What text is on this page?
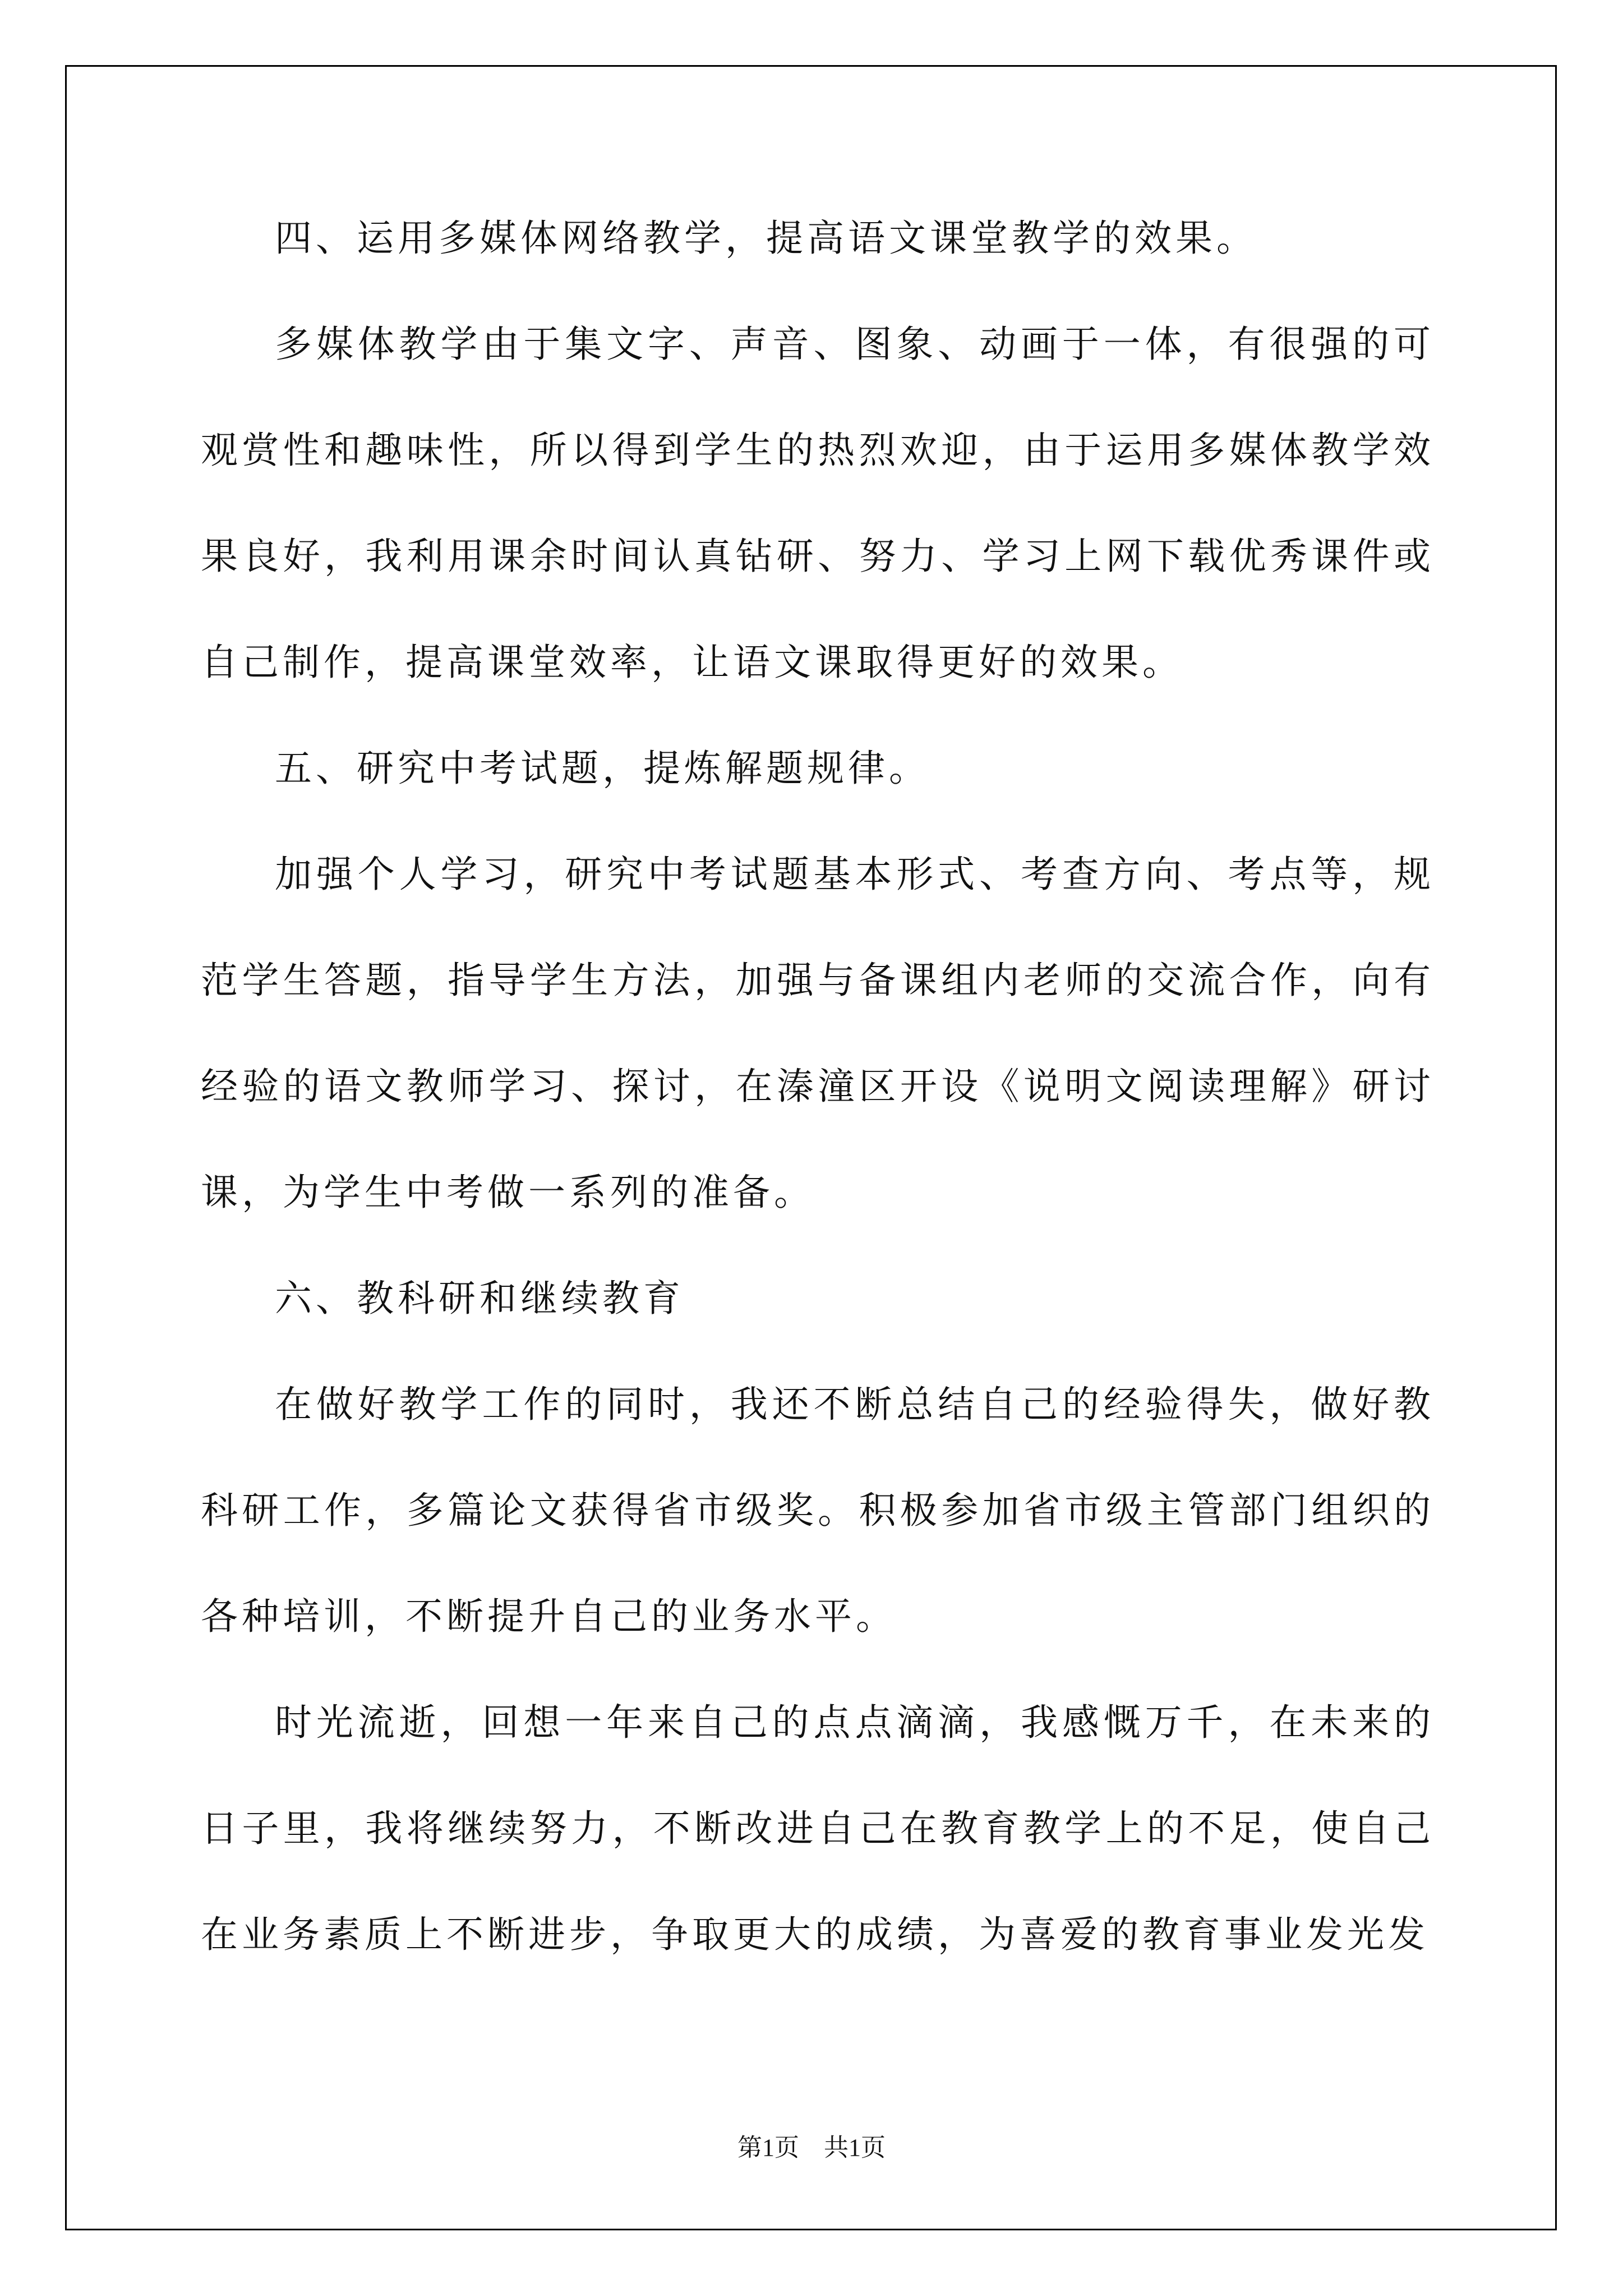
四、运用多媒体网络教学，提高语文课堂教学的效果。

多媒体教学由于集文字、声音、图象、动画于一体，有很强的可观赏性和趣味性，所以得到学生的热烈欢迎，由于运用多媒体教学效果良好，我利用课余时间认真钻研、努力、学习上网下载优秀课件或自己制作，提高课堂效率，让语文课取得更好的效果。

五、研究中考试题，提炼解题规律。

加强个人学习，研究中考试题基本形式、考查方向、考点等，规范学生答题，指导学生方法，加强与备课组内老师的交流合作，向有经验的语文教师学习、探讨，在溱潼区开设《说明文阅读理解》研讨课，为学生中考做一系列的准备。

六、教科研和继续教育

在做好教学工作的同时，我还不断总结自己的经验得失，做好教科研工作，多篇论文获得省市级奖。积极参加省市级主管部门组织的各种培训，不断提升自己的业务水平。

时光流逝，回想一年来自己的点点滴滴，我感慨万千，在未来的日子里，我将继续努力，不断改进自己在教育教学上的不足，使自己在业务素质上不断进步，争取更大的成绩，为喜爱的教育事业发光发

第1页 共1页
